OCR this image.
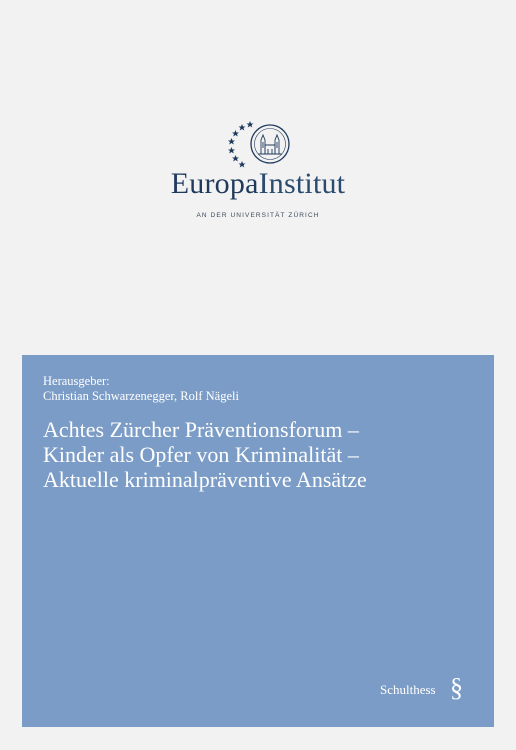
EuropaInstitut
AN DER UNIVERSITÄT ZÜRICH
Herausgeber:
Christian Schwarzenegger, Rolf Nägeli
Achtes Zürcher Präventionsforum –
Kinder als Opfer von Kriminalität –
Aktuelle kriminalpräventive Ansätze
Schulthess §
